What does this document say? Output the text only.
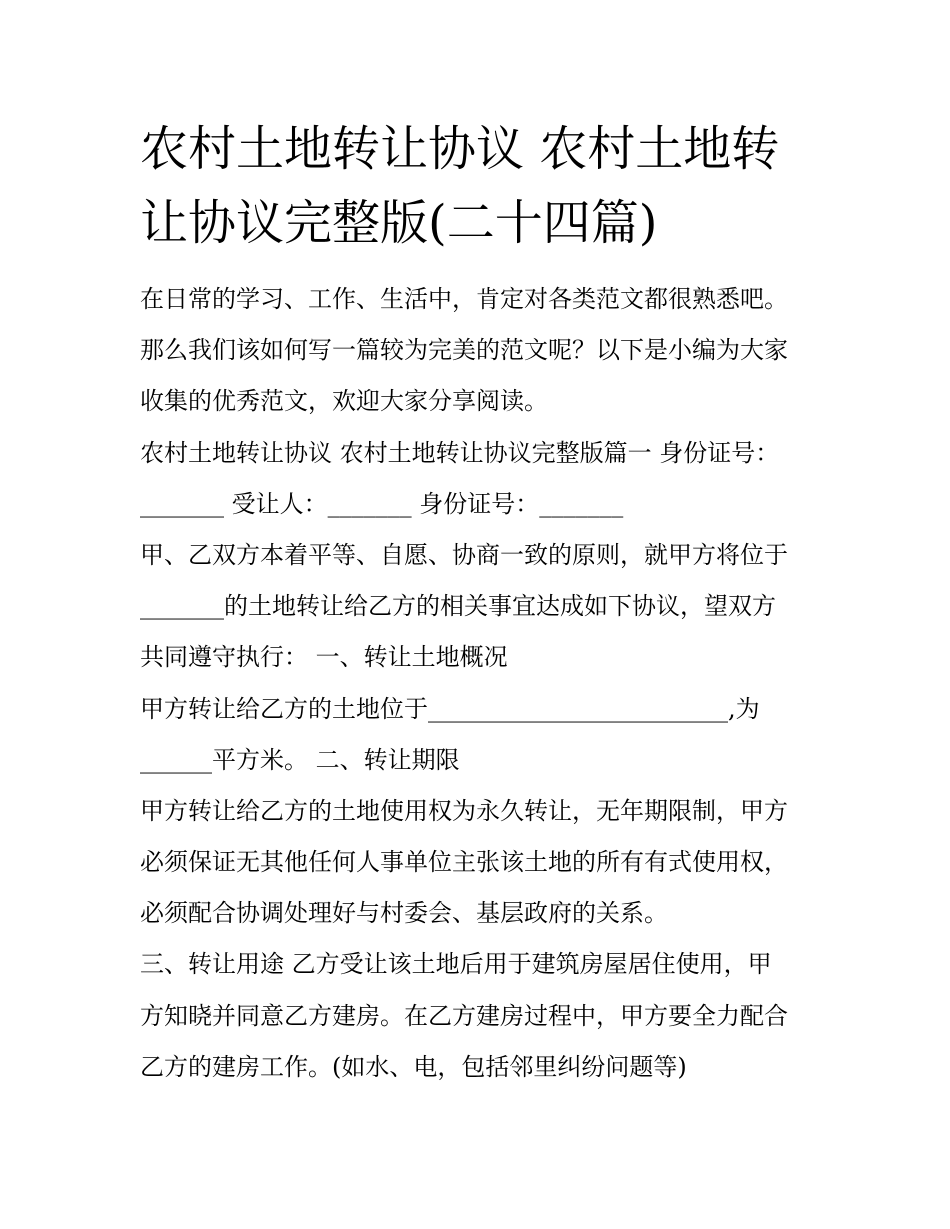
农村土地转让协议 农村土地转
让协议完整版(二十四篇)
在日常的学习、工作、生活中，肯定对各类范文都很熟悉吧。
那么我们该如何写一篇较为完美的范文呢？以下是小编为大家
收集的优秀范文，欢迎大家分享阅读。
农村土地转让协议 农村土地转让协议完整版篇一 身份证号：
_______ 受让人：_______ 身份证号：_______
甲、乙双方本着平等、自愿、协商一致的原则，就甲方将位于
_______的土地转让给乙方的相关事宜达成如下协议，望双方
共同遵守执行： 一、转让土地概况
甲方转让给乙方的土地位于_________________________,为
______平方米。 二、转让期限
甲方转让给乙方的土地使用权为永久转让，无年期限制，甲方
必须保证无其他任何人事单位主张该土地的所有有式使用权，
必须配合协调处理好与村委会、基层政府的关系。
三、转让用途 乙方受让该土地后用于建筑房屋居住使用，甲
方知晓并同意乙方建房。在乙方建房过程中，甲方要全力配合
乙方的建房工作。(如水、电，包括邻里纠纷问题等)
